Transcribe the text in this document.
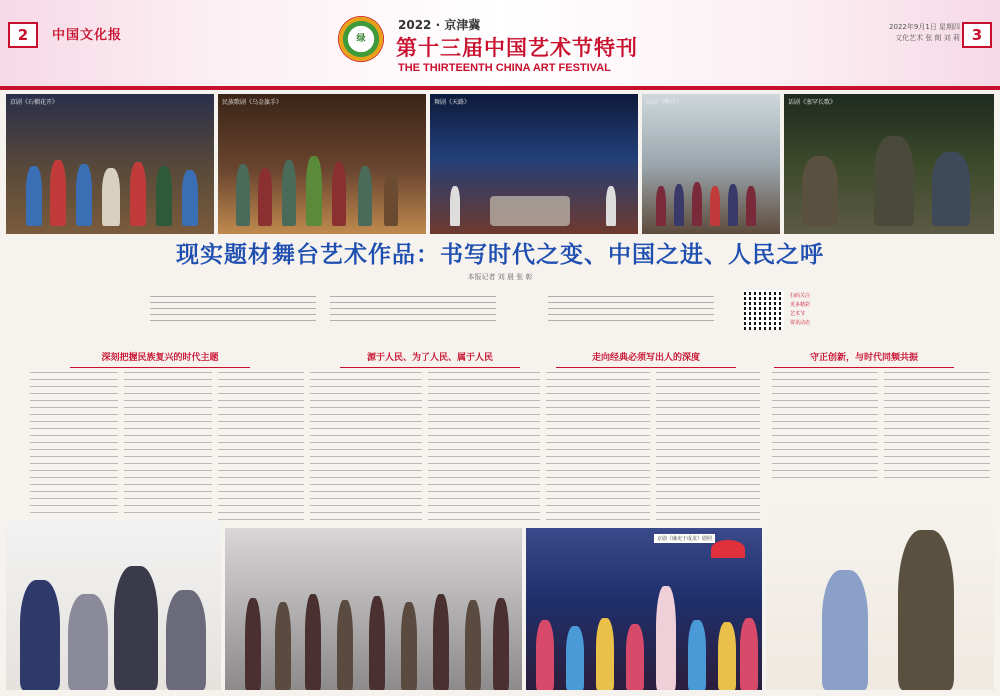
2	中国文化报	绿
2022 · 京津冀
第十三届中国艺术节特刊
THE THIRTEENTH CHINA ART FESTIVAL
2022年9月1日 星期四
文化艺术 张 朗 刘 莉 3
京剧《石榴花开》	民族歌剧《乌金旗手》	舞剧《天路》	话剧《柳青》	话剧《塞罕长歌》
现实题材舞台艺术作品：书写时代之变、中国之进、人民之呼
本报记者 刘 晨 张 彰
扫码关注
更多精彩
艺术节
资讯动态
深刻把握民族复兴的时代主题	源于人民、为了人民、属于人民	走向经典必须写出人的深度	守正创新，与时代同频共振
京剧《廉吏于成龙》剧照
